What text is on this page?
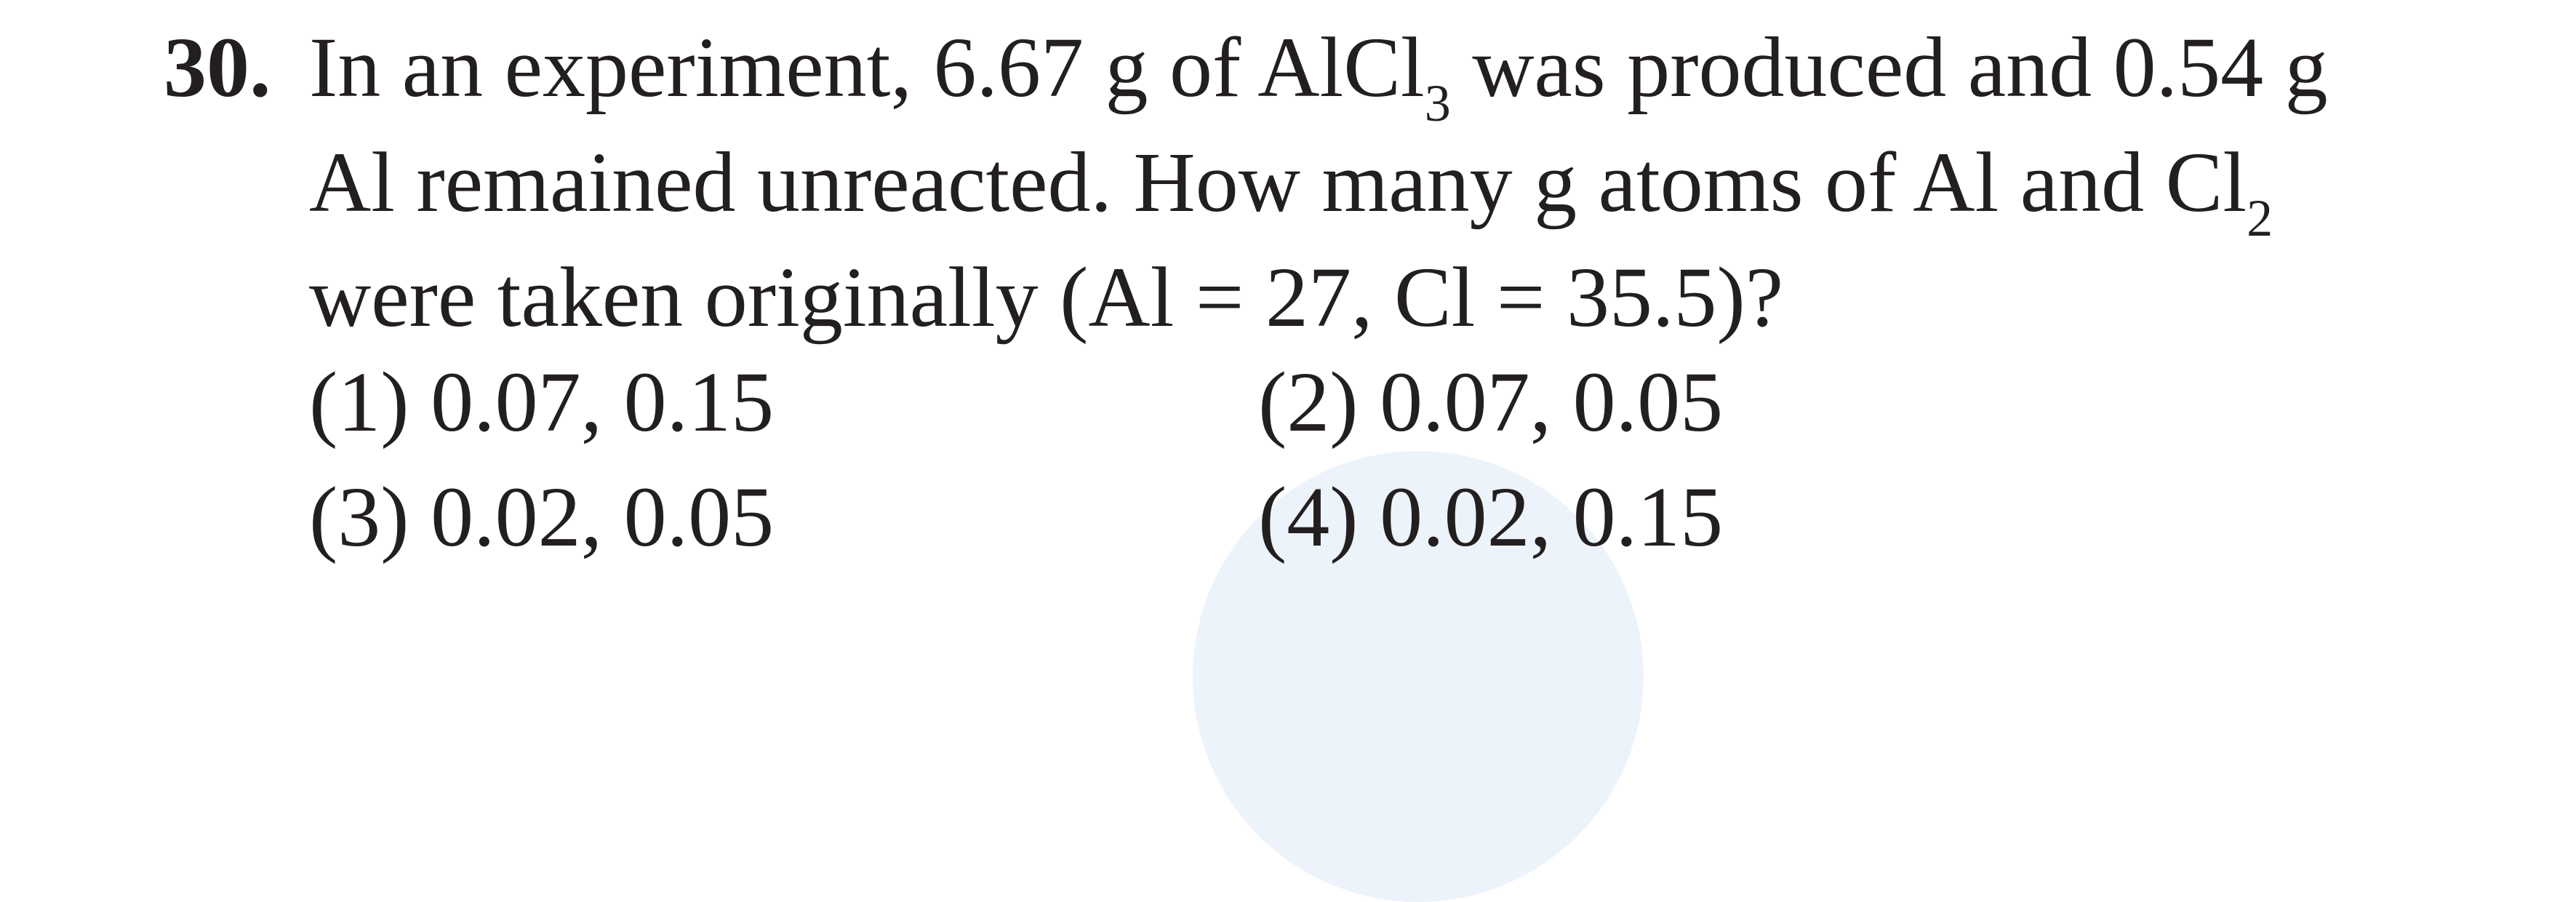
30. In an experiment, 6.67 g of AlCl$_3$ was produced and 0.54 g
Al remained unreacted. How many g atoms of Al and $Cl_2$
were taken originally (Al = 27, Cl = 35.5)?
(1) 0.07, 0.15	(2) 0.07, 0.05
(3) 0.02, 0.05	(4) 0.02, 0.15
